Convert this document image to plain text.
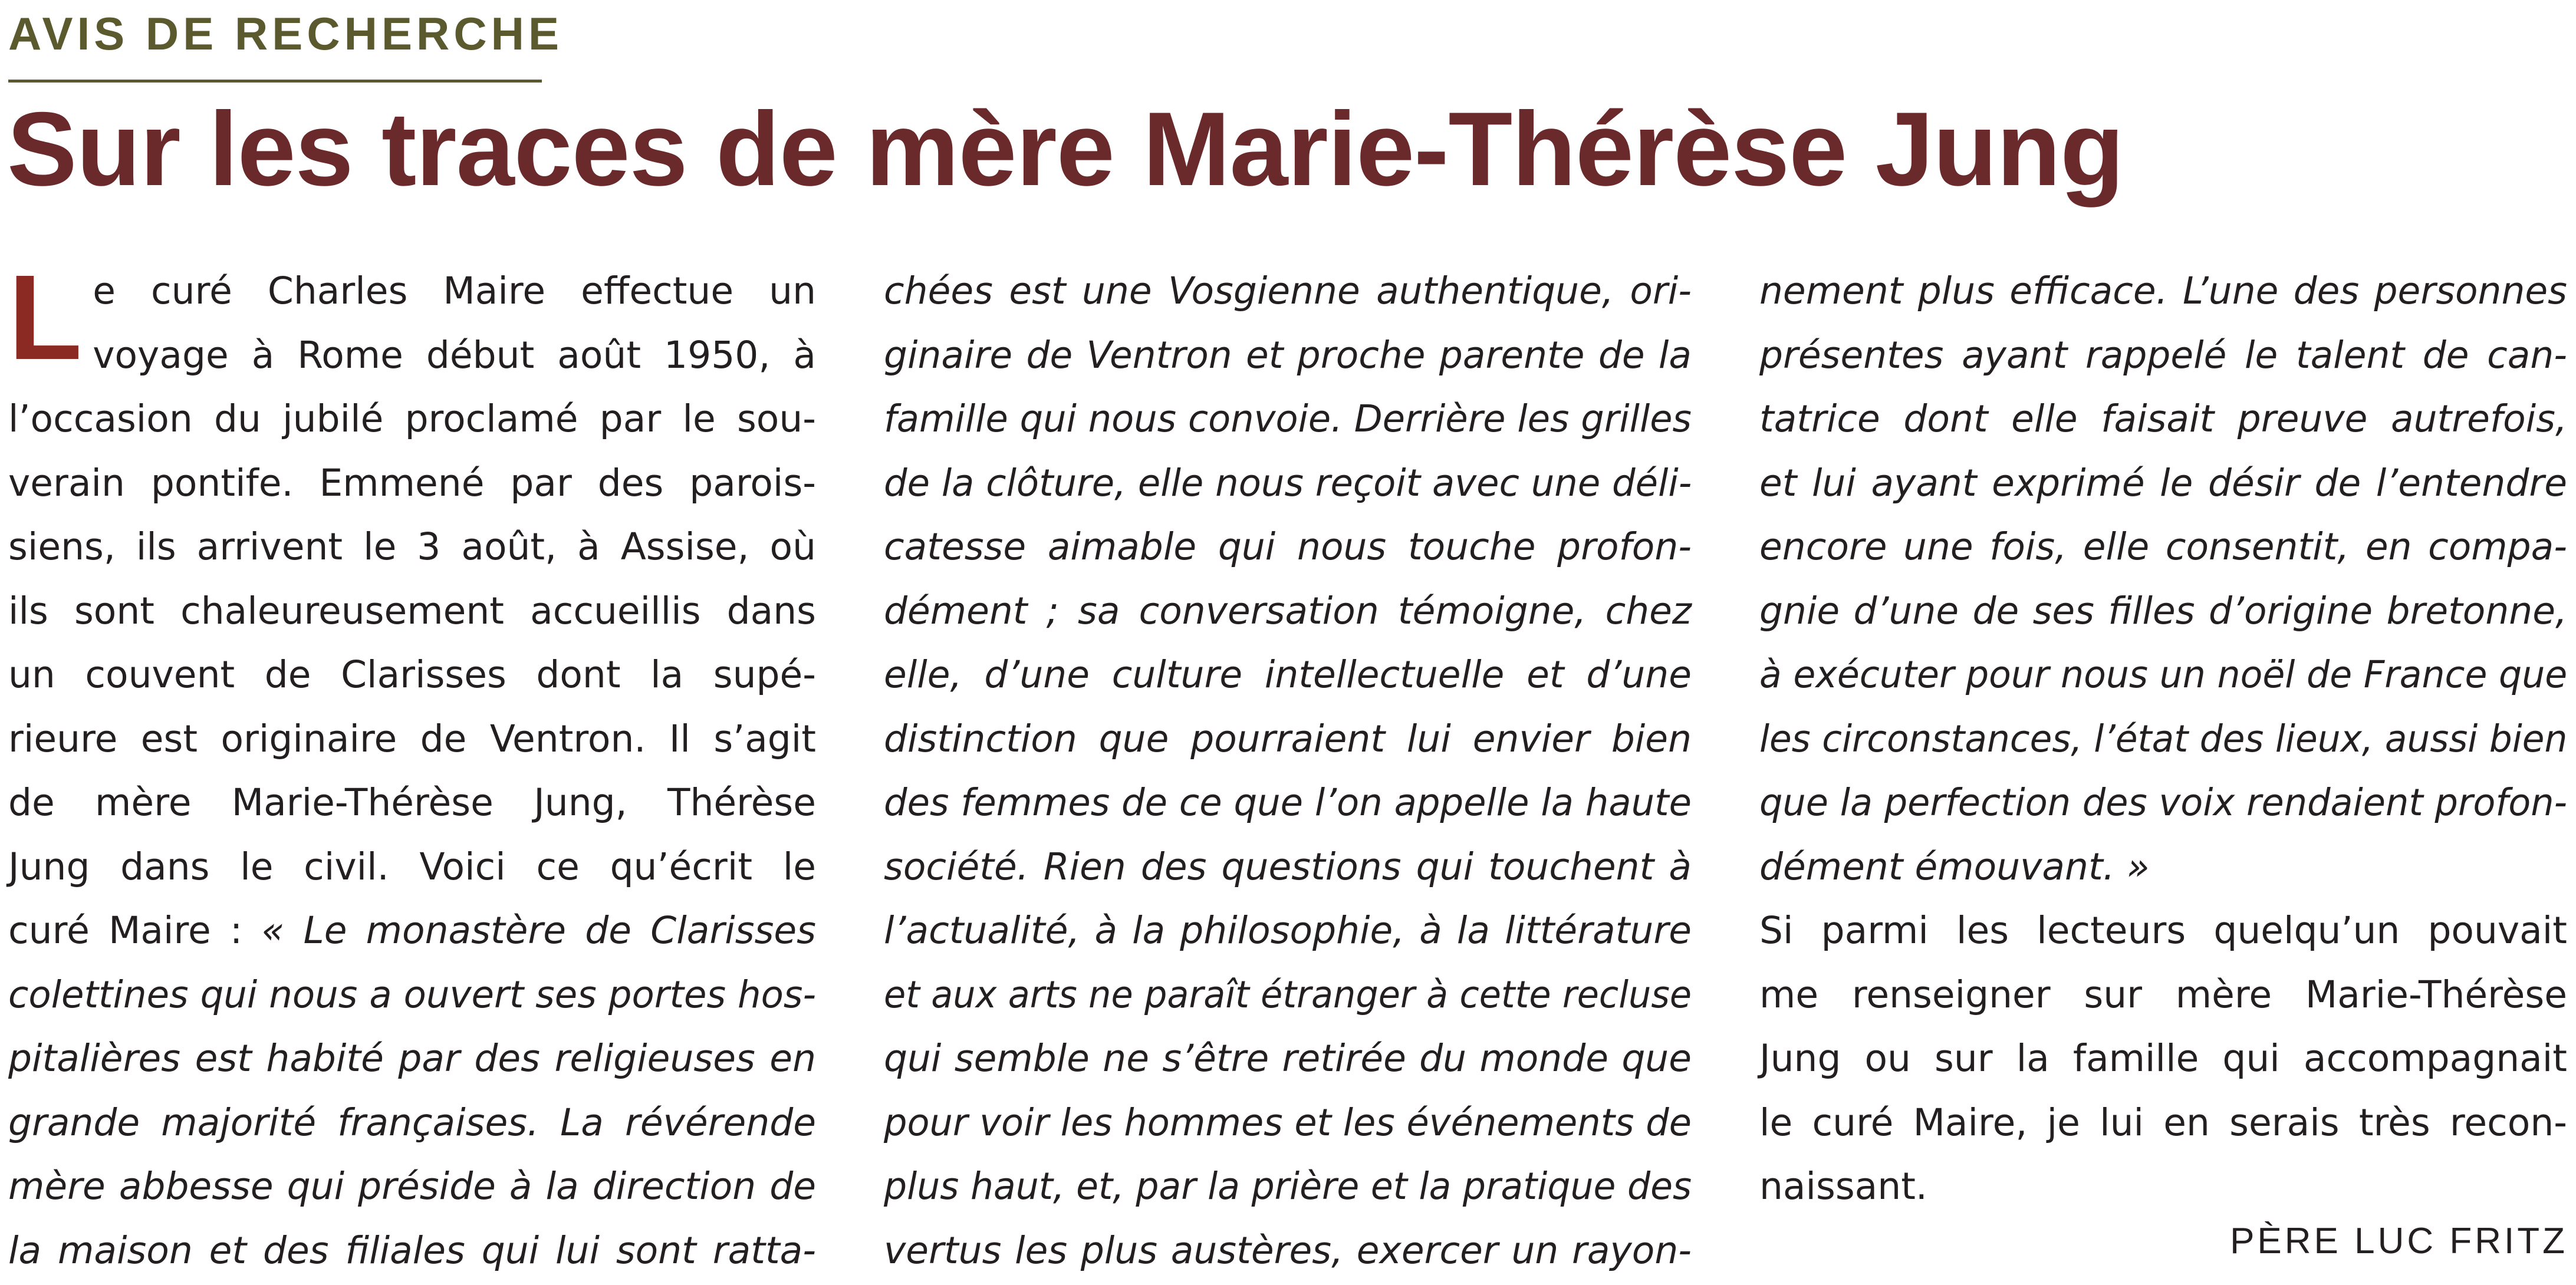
AVIS DE RECHERCHE
Sur les traces de mère Marie-Thérèse Jung
L e curé Charles Maire effectue un
voyage à Rome début août 1950, à
l’occasion du jubilé proclamé par le sou-
verain pontife. Emmené par des parois-
siens, ils arrivent le 3 août, à Assise, où
ils sont chaleureusement accueillis dans
un couvent de Clarisses dont la supé-
rieure est originaire de Ventron. Il s’agit
de mère Marie-Thérèse Jung, Thérèse
Jung dans le civil. Voici ce qu’écrit le
curé Maire : « Le monastère de Clarisses
colettines qui nous a ouvert ses portes hos-
pitalières est habité par des religieuses en
grande majorité françaises. La révérende
mère abbesse qui préside à la direction de
la maison et des filiales qui lui sont ratta-
chées est une Vosgienne authentique, ori-
ginaire de Ventron et proche parente de la
famille qui nous convoie. Derrière les grilles
de la clôture, elle nous reçoit avec une déli-
catesse aimable qui nous touche profon-
dément ; sa conversation témoigne, chez
elle, d’une culture intellectuelle et d’une
distinction que pourraient lui envier bien
des femmes de ce que l’on appelle la haute
société. Rien des questions qui touchent à
l’actualité, à la philosophie, à la littérature
et aux arts ne paraît étranger à cette recluse
qui semble ne s’être retirée du monde que
pour voir les hommes et les événements de
plus haut, et, par la prière et la pratique des
vertus les plus austères, exercer un rayon-
nement plus efficace. L’une des personnes
présentes ayant rappelé le talent de can-
tatrice dont elle faisait preuve autrefois,
et lui ayant exprimé le désir de l’entendre
encore une fois, elle consentit, en compa-
gnie d’une de ses filles d’origine bretonne,
à exécuter pour nous un noël de France que
les circonstances, l’état des lieux, aussi bien
que la perfection des voix rendaient profon-
dément émouvant. »
Si parmi les lecteurs quelqu’un pouvait
me renseigner sur mère Marie-Thérèse
Jung ou sur la famille qui accompagnait
le curé Maire, je lui en serais très recon-
naissant.
PÈRE LUC FRITZ
